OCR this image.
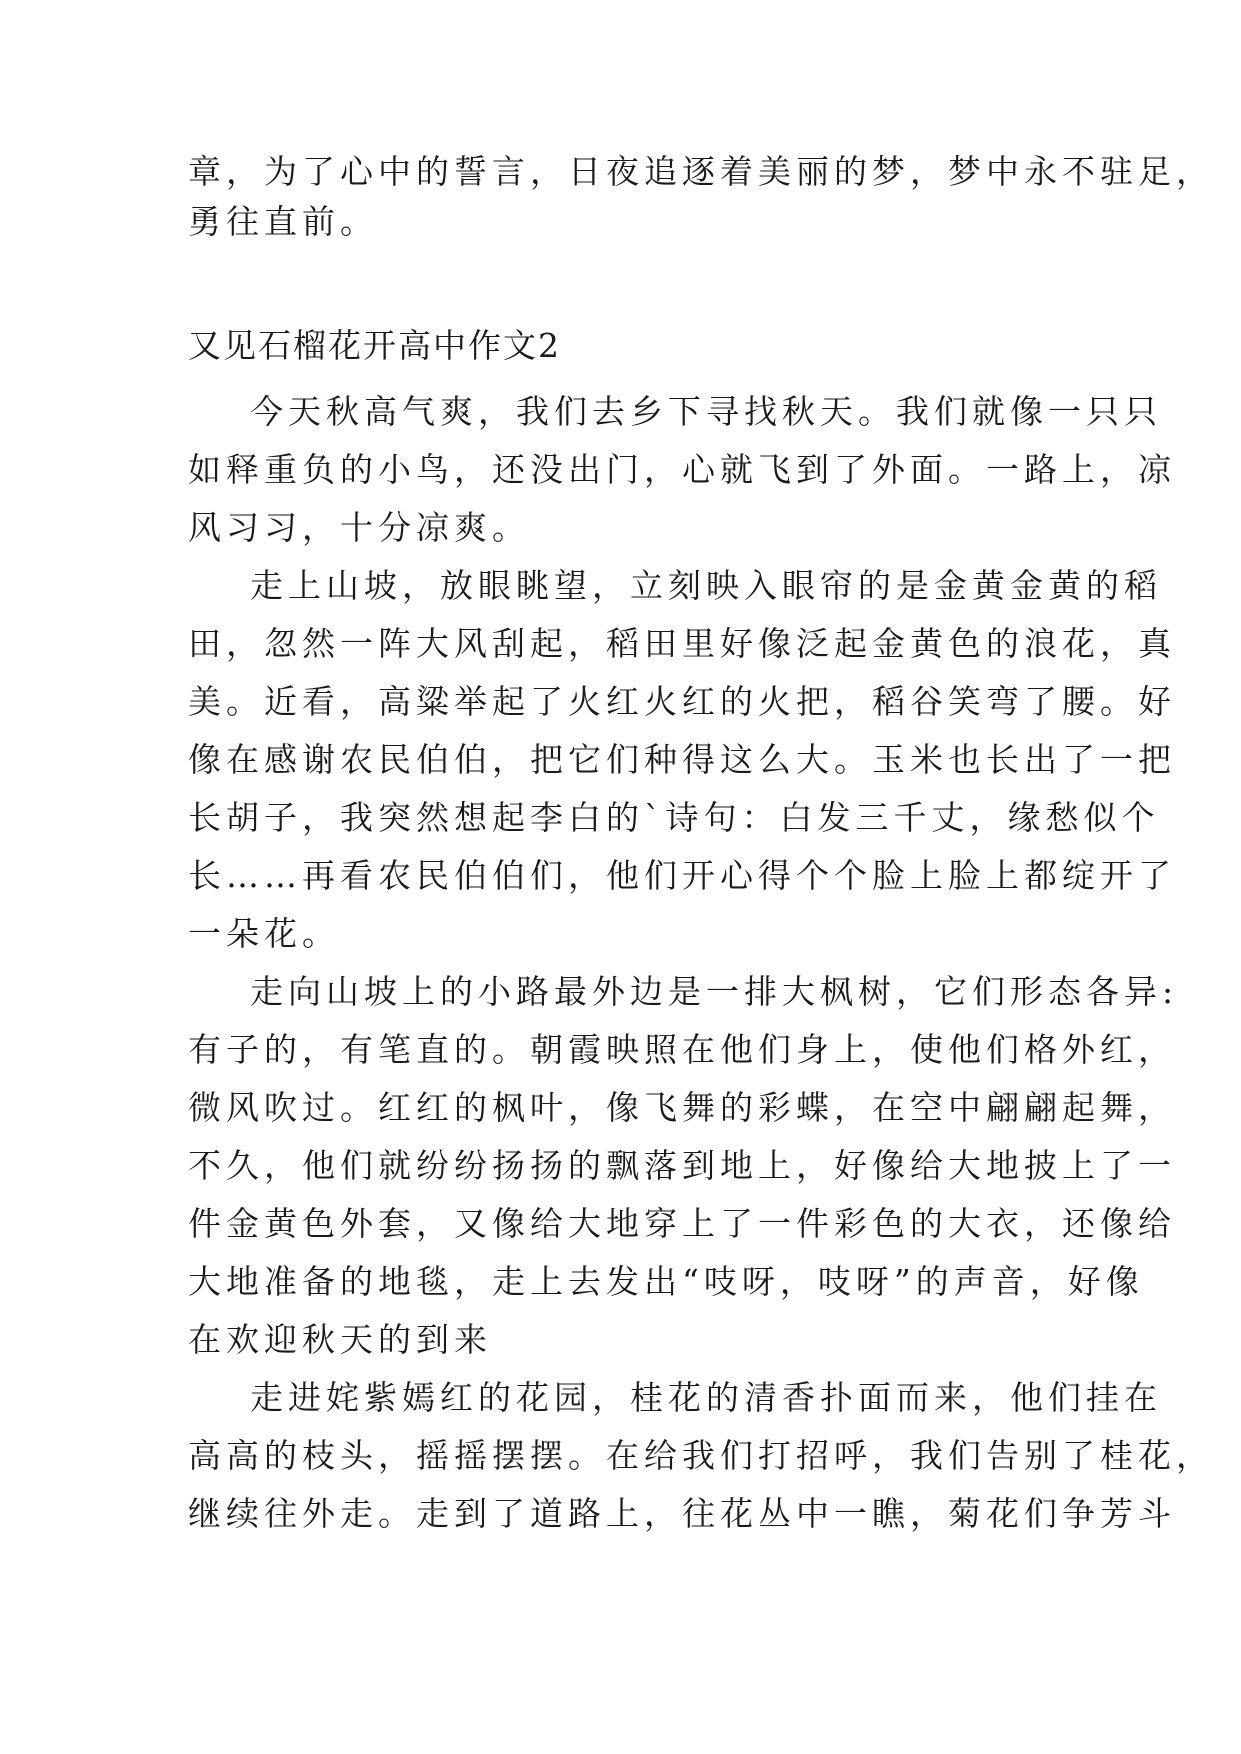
章，为了心中的誓言，日夜追逐着美丽的梦，梦中永不驻足，
勇往直前。
又见石榴花开高中作文2
今天秋高气爽，我们去乡下寻找秋天。我们就像一只只
如释重负的小鸟，还没出门，心就飞到了外面。一路上，凉
风习习，十分凉爽。
走上山坡，放眼眺望，立刻映入眼帘的是金黄金黄的稻
田，忽然一阵大风刮起，稻田里好像泛起金黄色的浪花，真
美。近看，高粱举起了火红火红的火把，稻谷笑弯了腰。好
像在感谢农民伯伯，把它们种得这么大。玉米也长出了一把
长胡子，我突然想起李白的`诗句：白发三千丈，缘愁似个
长……再看农民伯伯们，他们开心得个个脸上脸上都绽开了
一朵花。
走向山坡上的小路最外边是一排大枫树，它们形态各异:
有子的，有笔直的。朝霞映照在他们身上，使他们格外红，
微风吹过。红红的枫叶，像飞舞的彩蝶，在空中翩翩起舞，
不久，他们就纷纷扬扬的飘落到地上，好像给大地披上了一
件金黄色外套，又像给大地穿上了一件彩色的大衣，还像给
大地准备的地毯，走上去发出“吱呀，吱呀”的声音，好像
在欢迎秋天的到来
走进姹紫嫣红的花园，桂花的清香扑面而来，他们挂在
高高的枝头，摇摇摆摆。在给我们打招呼，我们告别了桂花，
继续往外走。走到了道路上，往花丛中一瞧，菊花们争芳斗
